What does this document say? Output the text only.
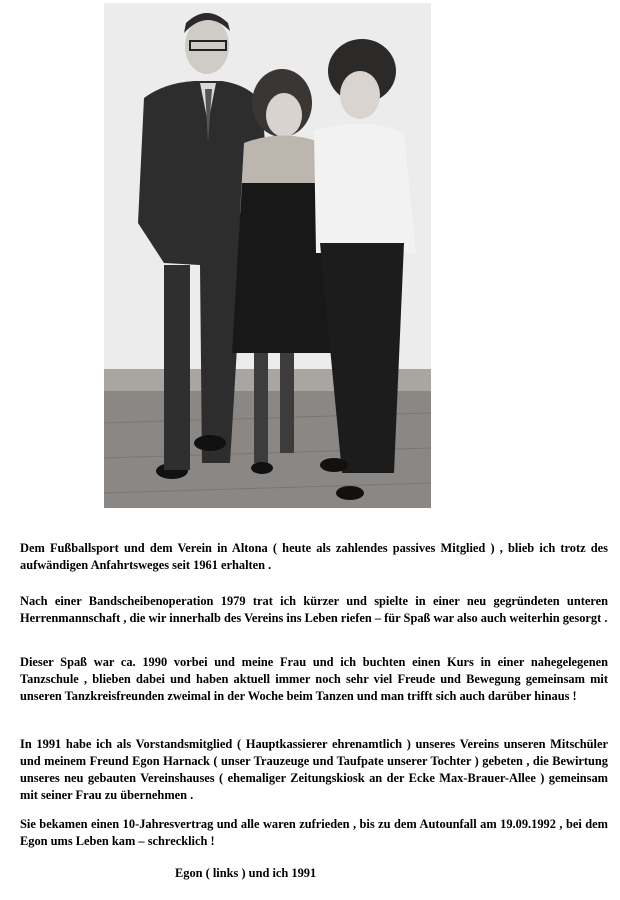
Dem Fußballsport und dem Verein in Altona ( heute als zahlendes passives Mitglied ) , blieb ich trotz des aufwändigen Anfahrtsweges seit 1961 erhalten .

Nach einer Bandscheibenoperation 1979 trat ich kürzer und spielte in einer neu gegründeten unteren Herrenmannschaft , die wir innerhalb des Vereins ins Leben riefen – für Spaß war also auch weiterhin gesorgt .

Dieser Spaß war ca. 1990 vorbei und meine Frau und ich buchten einen Kurs in einer nahegelegenen Tanzschule , blieben dabei und haben aktuell immer noch sehr viel Freude und Bewegung gemeinsam mit unseren Tanzkreisfreunden zweimal in der Woche beim Tanzen und man trifft sich auch darüber hinaus !

In 1991 habe ich als Vorstandsmitglied ( Hauptkassierer ehrenamtlich ) unseres Vereins unseren Mitschüler und meinem Freund Egon Harnack ( unser Trauzeuge und Taufpate unserer Tochter ) gebeten , die Bewirtung unseres neu gebauten Vereinshauses ( ehemaliger Zeitungskiosk an der Ecke Max-Brauer-Allee ) gemeinsam mit seiner Frau zu übernehmen .

Sie bekamen einen 10-Jahresvertrag und alle waren zufrieden , bis zu dem Autounfall am 19.09.1992 , bei dem Egon ums Leben kam – schrecklich !

Egon ( links ) und ich 1991
